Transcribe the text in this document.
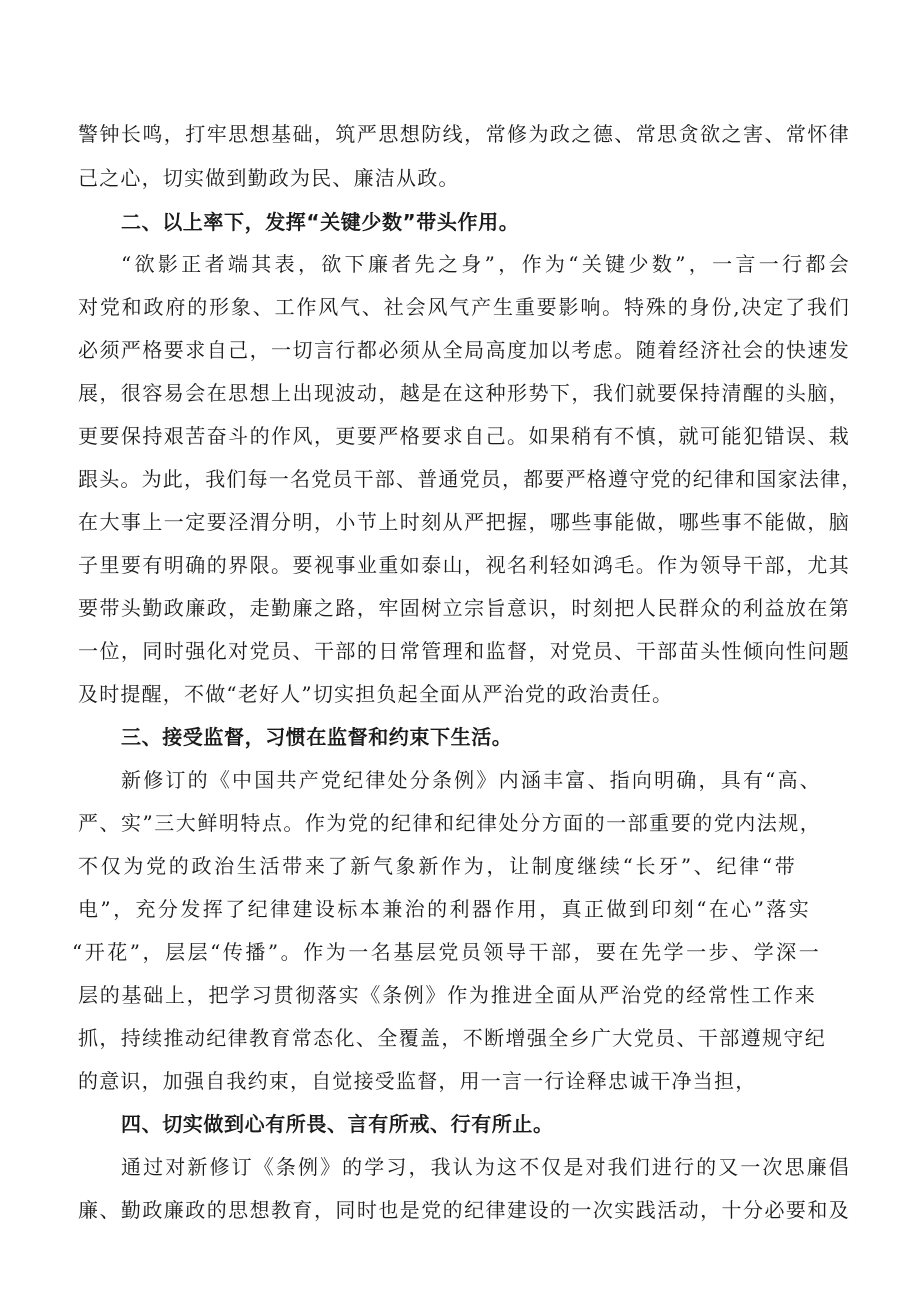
警钟长鸣，打牢思想基础，筑严思想防线，常修为政之德、常思贪欲之害、常怀律
己之心，切实做到勤政为民、廉洁从政。
二、以上率下，发挥“关键少数”带头作用。
“欲影正者端其表，欲下廉者先之身”，作为“关键少数”，一言一行都会
对党和政府的形象、工作风气、社会风气产生重要影响。特殊的身份,决定了我们
必须严格要求自己，一切言行都必须从全局高度加以考虑。随着经济社会的快速发
展，很容易会在思想上出现波动，越是在这种形势下，我们就要保持清醒的头脑，
更要保持艰苦奋斗的作风，更要严格要求自己。如果稍有不慎，就可能犯错误、栽
跟头。为此，我们每一名党员干部、普通党员，都要严格遵守党的纪律和国家法律，
在大事上一定要泾渭分明，小节上时刻从严把握，哪些事能做，哪些事不能做，脑
子里要有明确的界限。要视事业重如泰山，视名利轻如鸿毛。作为领导干部，尤其
要带头勤政廉政，走勤廉之路，牢固树立宗旨意识，时刻把人民群众的利益放在第
一位，同时强化对党员、干部的日常管理和监督，对党员、干部苗头性倾向性问题
及时提醒，不做“老好人”切实担负起全面从严治党的政治责任。
三、接受监督，习惯在监督和约束下生活。
新修订的《中国共产党纪律处分条例》内涵丰富、指向明确，具有“高、
严、实”三大鲜明特点。作为党的纪律和纪律处分方面的一部重要的党内法规，
不仅为党的政治生活带来了新气象新作为，让制度继续“长牙”、纪律“带
电”，充分发挥了纪律建设标本兼治的利器作用，真正做到印刻“在心”落实
“开花”，层层“传播”。作为一名基层党员领导干部，要在先学一步、学深一
层的基础上，把学习贯彻落实《条例》作为推进全面从严治党的经常性工作来
抓，持续推动纪律教育常态化、全覆盖，不断增强全乡广大党员、干部遵规守纪
的意识，加强自我约束，自觉接受监督，用一言一行诠释忠诚干净当担，
四、切实做到心有所畏、言有所戒、行有所止。
通过对新修订《条例》的学习，我认为这不仅是对我们进行的又一次思廉倡
廉、勤政廉政的思想教育，同时也是党的纪律建设的一次实践活动，十分必要和及
